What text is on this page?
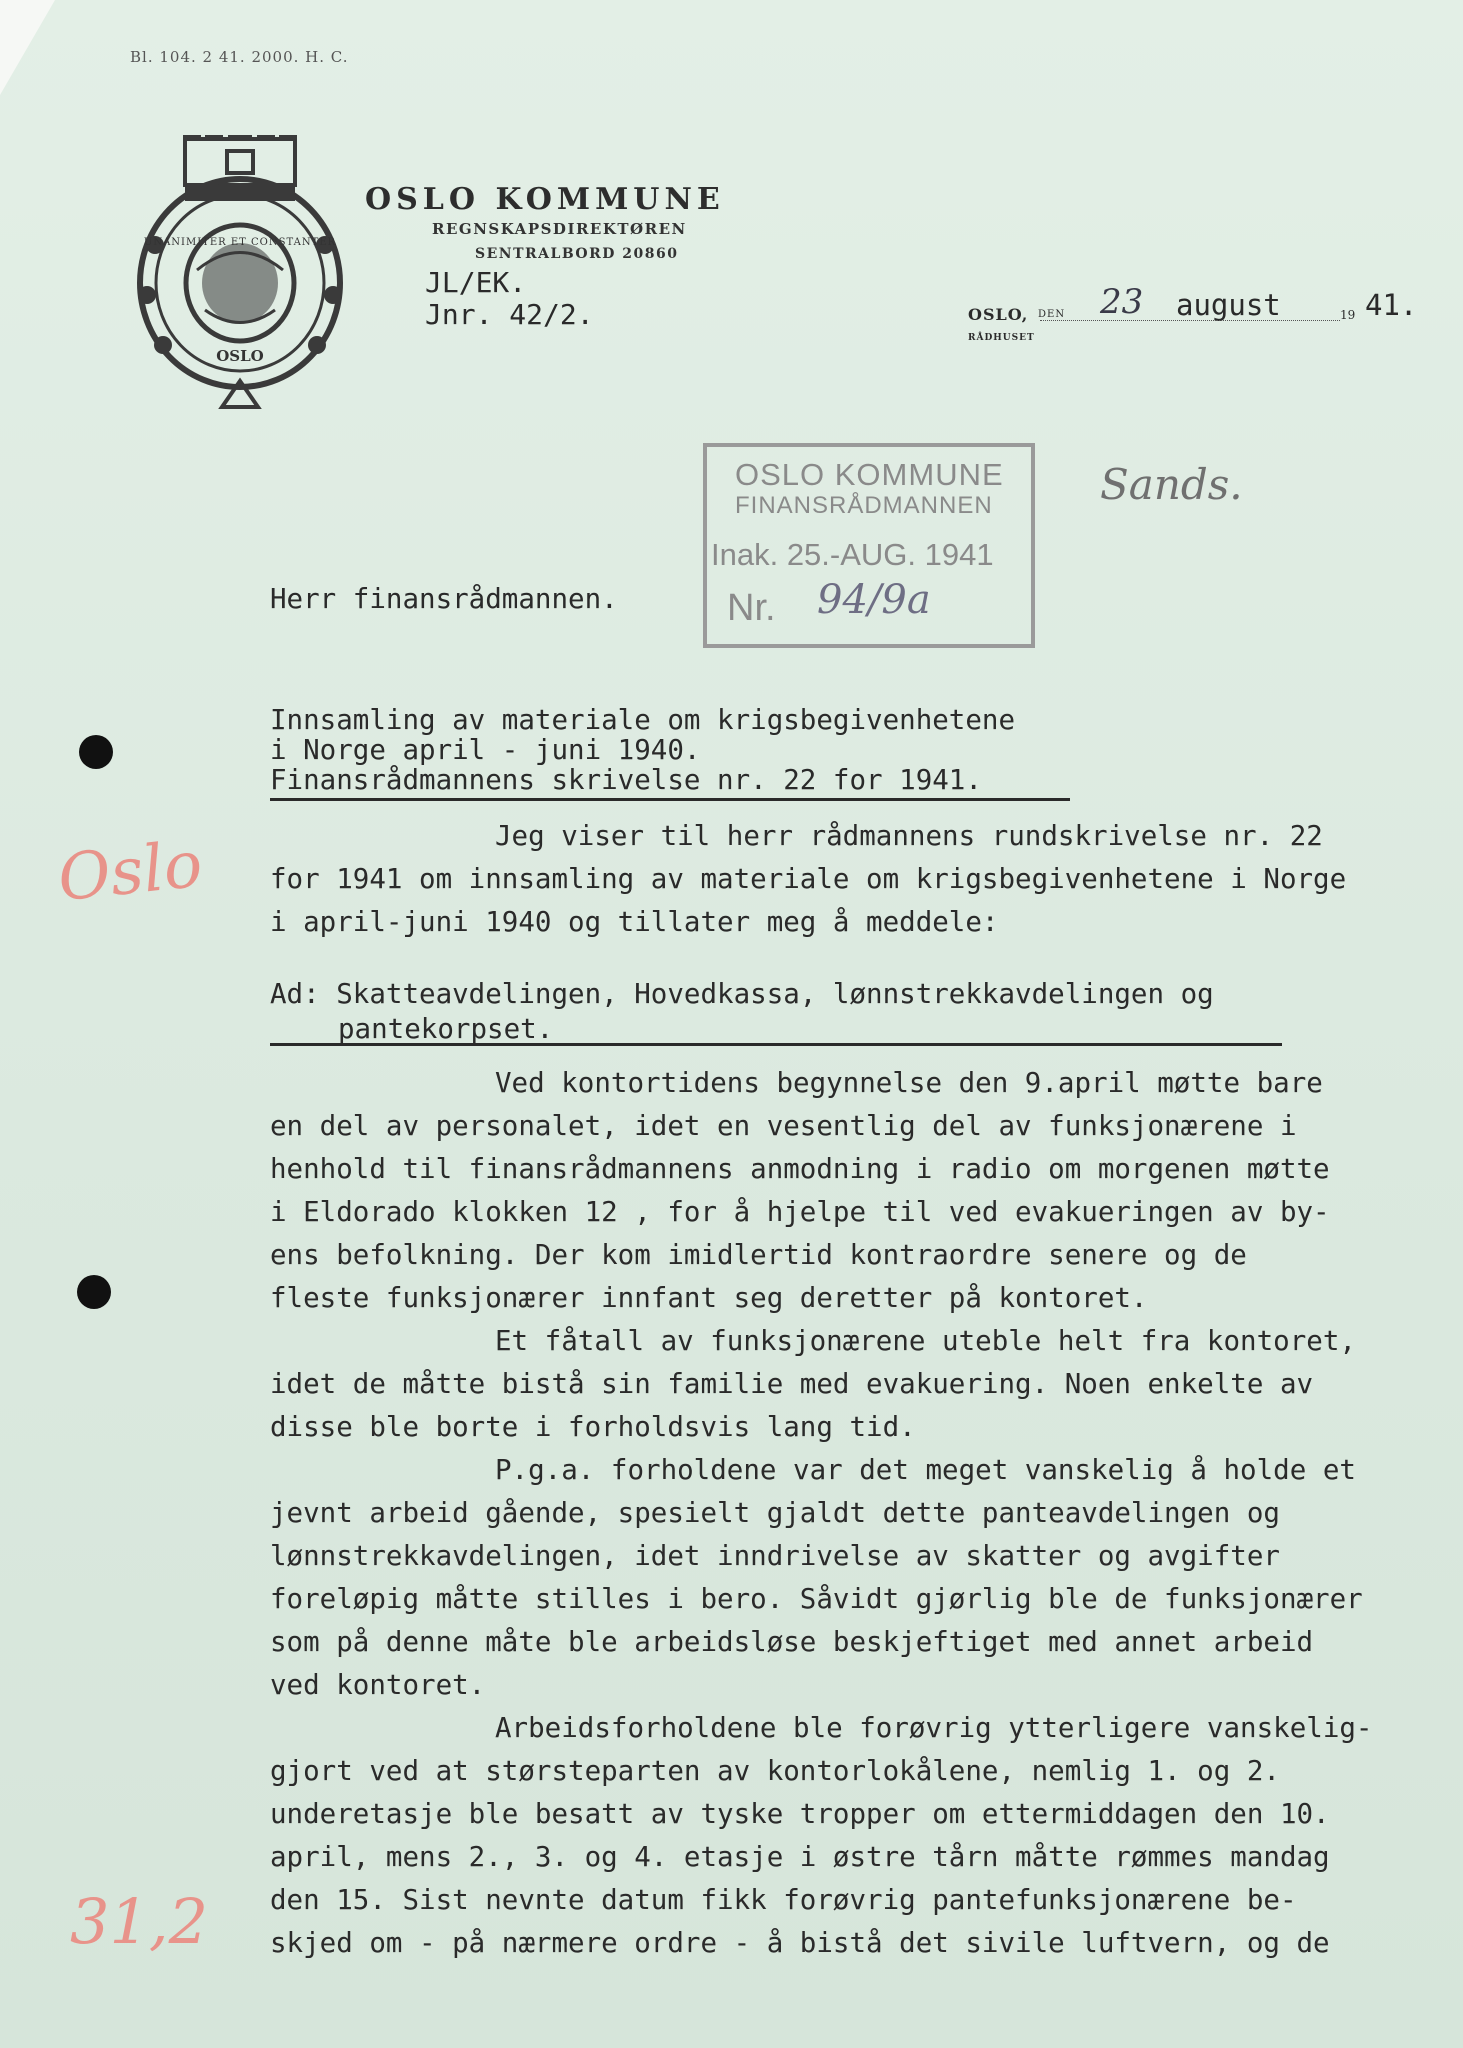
Bl. 104. 2 41. 2000. H. C.
UNANIMITER ET CONSTANTER
OSLO
OSLO KOMMUNE
REGNSKAPSDIREKTØREN
SENTRALBORD 20860
JL/EK.
Jnr. 42/2.	OSLO, DEN 23 august	19 41.
RÅDHUSET
OSLO KOMMUNE
FINANSRÅDMANNEN
Inak. 25.-AUG. 1941
Nr. 94/9a
Sands.
Oslo
31,2
Herr finansrådmannen.
Innsamling av materiale om krigsbegivenhetene
i Norge april - juni 1940.
Finansrådmannens skrivelse nr. 22 for 1941.
Jeg viser til herr rådmannens rundskrivelse nr. 22
for 1941 om innsamling av materiale om krigsbegivenhetene i Norge
i april-juni 1940 og tillater meg å meddele:
Ad: Skatteavdelingen, Hovedkassa, lønnstrekkavdelingen og
pantekorpset.
Ved kontortidens begynnelse den 9.april møtte bare
en del av personalet, idet en vesentlig del av funksjonærene i
henhold til finansrådmannens anmodning i radio om morgenen møtte
i Eldorado klokken 12 , for å hjelpe til ved evakueringen av by-
ens befolkning. Der kom imidlertid kontraordre senere og de
fleste funksjonærer innfant seg deretter på kontoret.
Et fåtall av funksjonærene uteble helt fra kontoret,
idet de måtte bistå sin familie med evakuering. Noen enkelte av
disse ble borte i forholdsvis lang tid.
P.g.a. forholdene var det meget vanskelig å holde et
jevnt arbeid gående, spesielt gjaldt dette panteavdelingen og
lønnstrekkavdelingen, idet inndrivelse av skatter og avgifter
foreløpig måtte stilles i bero. Såvidt gjørlig ble de funksjonærer
som på denne måte ble arbeidsløse beskjeftiget med annet arbeid
ved kontoret.
Arbeidsforholdene ble forøvrig ytterligere vanskelig-
gjort ved at størsteparten av kontorlokålene, nemlig 1. og 2.
underetasje ble besatt av tyske tropper om ettermiddagen den 10.
april, mens 2., 3. og 4. etasje i østre tårn måtte rømmes mandag
den 15. Sist nevnte datum fikk forøvrig pantefunksjonærene be-
skjed om - på nærmere ordre - å bistå det sivile luftvern, og de
